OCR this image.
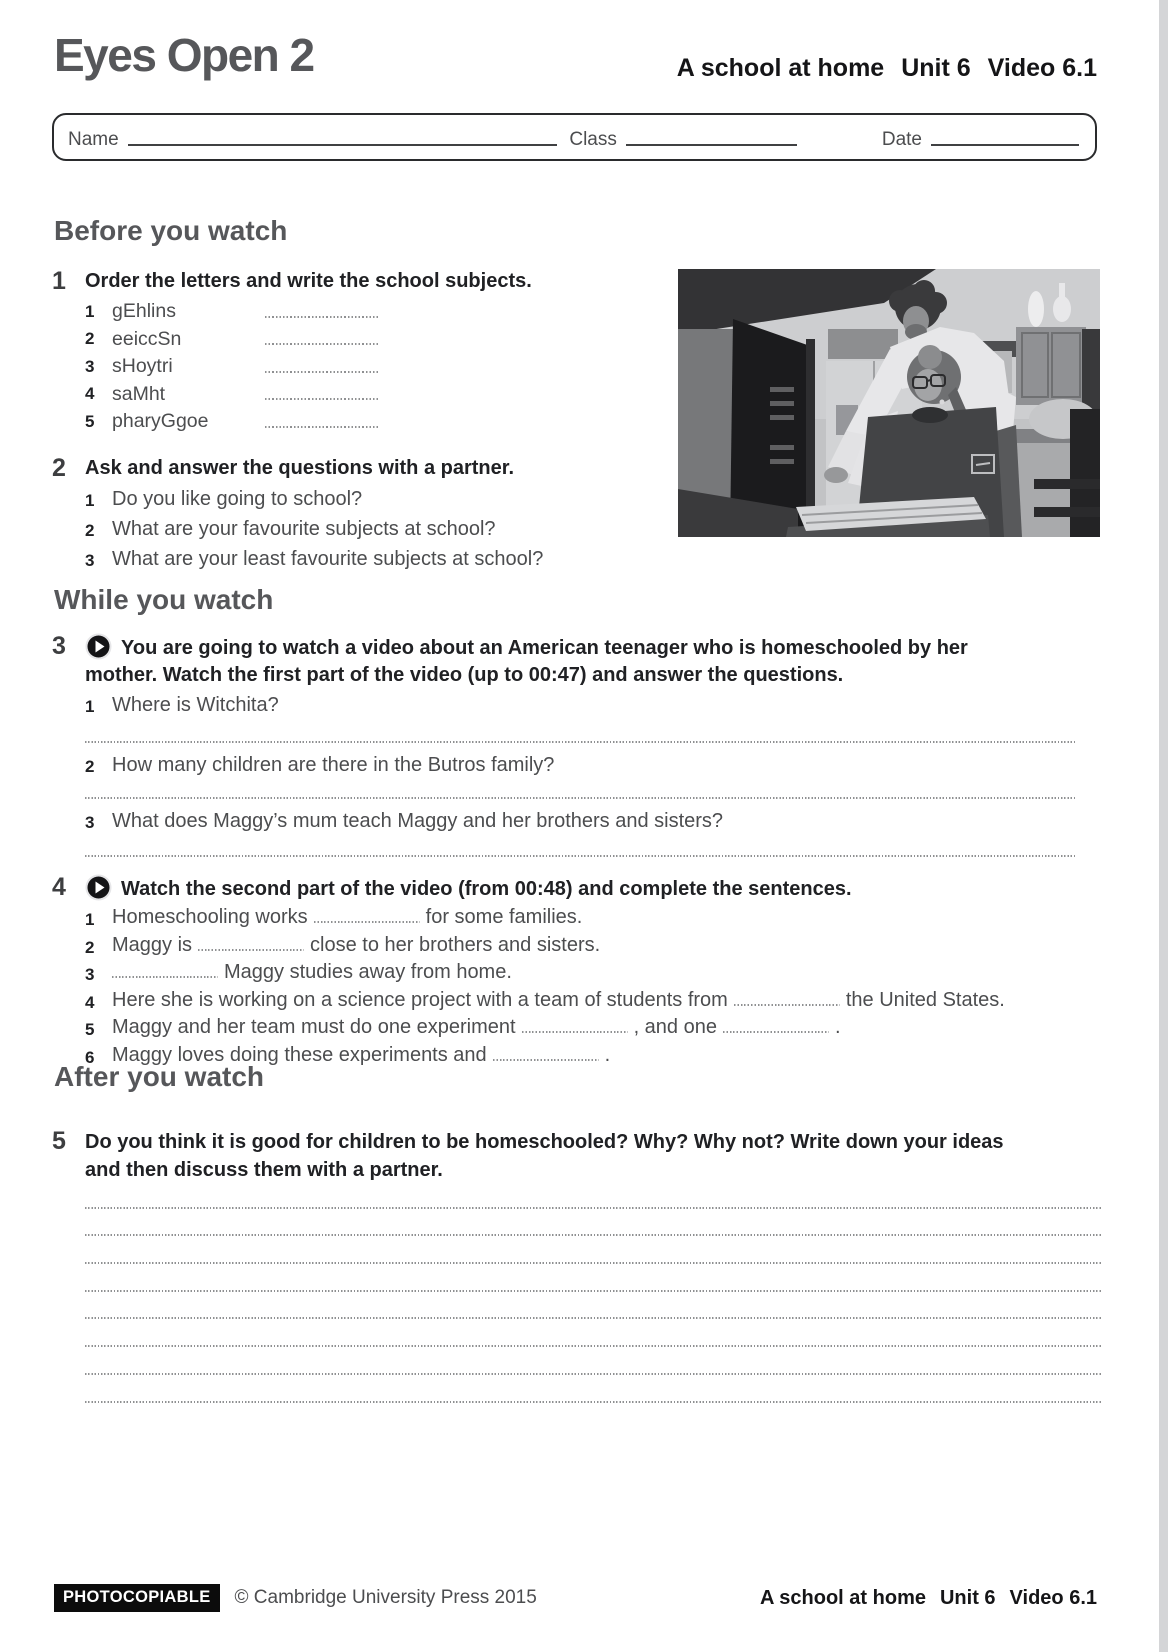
Eyes Open 2	A school at home Unit 6 Video 6.1
Name	Class	Date
Before you watch
1 Order the letters and write the school subjects.
1 gEhlins
2 eeiccSn
3 sHoytri
4 saMht
5 pharyGgoe
2 Ask and answer the questions with a partner.
1 Do you like going to school?
2 What are your favourite subjects at school?
3 What are your least favourite subjects at school?
While you watch
3	You are going to watch a video about an American teenager who is homeschooled by her mother. Watch the first part of the video (up to 00:47) and answer the questions.
1 Where is Witchita?
2 How many children are there in the Butros family?
3 What does Maggy’s mum teach Maggy and her brothers and sisters?
4	Watch the second part of the video (from 00:48) and complete the sentences.
1 Homeschooling works	for some families.
2 Maggy is	close to her brothers and sisters.
3	Maggy studies away from home.
4 Here she is working on a science project with a team of students from	the United States.
5 Maggy and her team must do one experiment	, and one	.
6 Maggy loves doing these experiments and	.
After you watch
5 Do you think it is good for children to be homeschooled? Why? Why not? Write down your ideas and then discuss them with a partner.
PHOTOCOPIABLE	© Cambridge University Press 2015	A school at home Unit 6 Video 6.1
